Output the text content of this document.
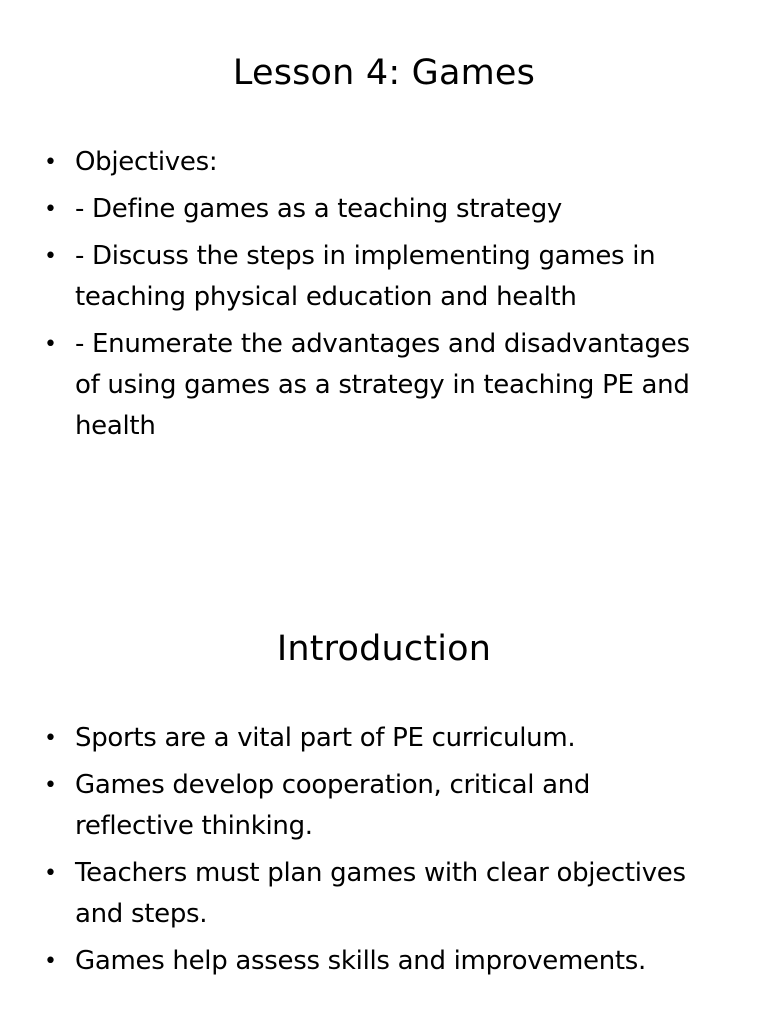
Lesson 4: Games
• Objectives:
• - Define games as a teaching strategy
• - Discuss the steps in implementing games in teaching physical education and health
• - Enumerate the advantages and disadvantages of using games as a strategy in teaching PE and health
Introduction
• Sports are a vital part of PE curriculum.
• Games develop cooperation, critical and reflective thinking.
• Teachers must plan games with clear objectives and steps.
• Games help assess skills and improvements.
